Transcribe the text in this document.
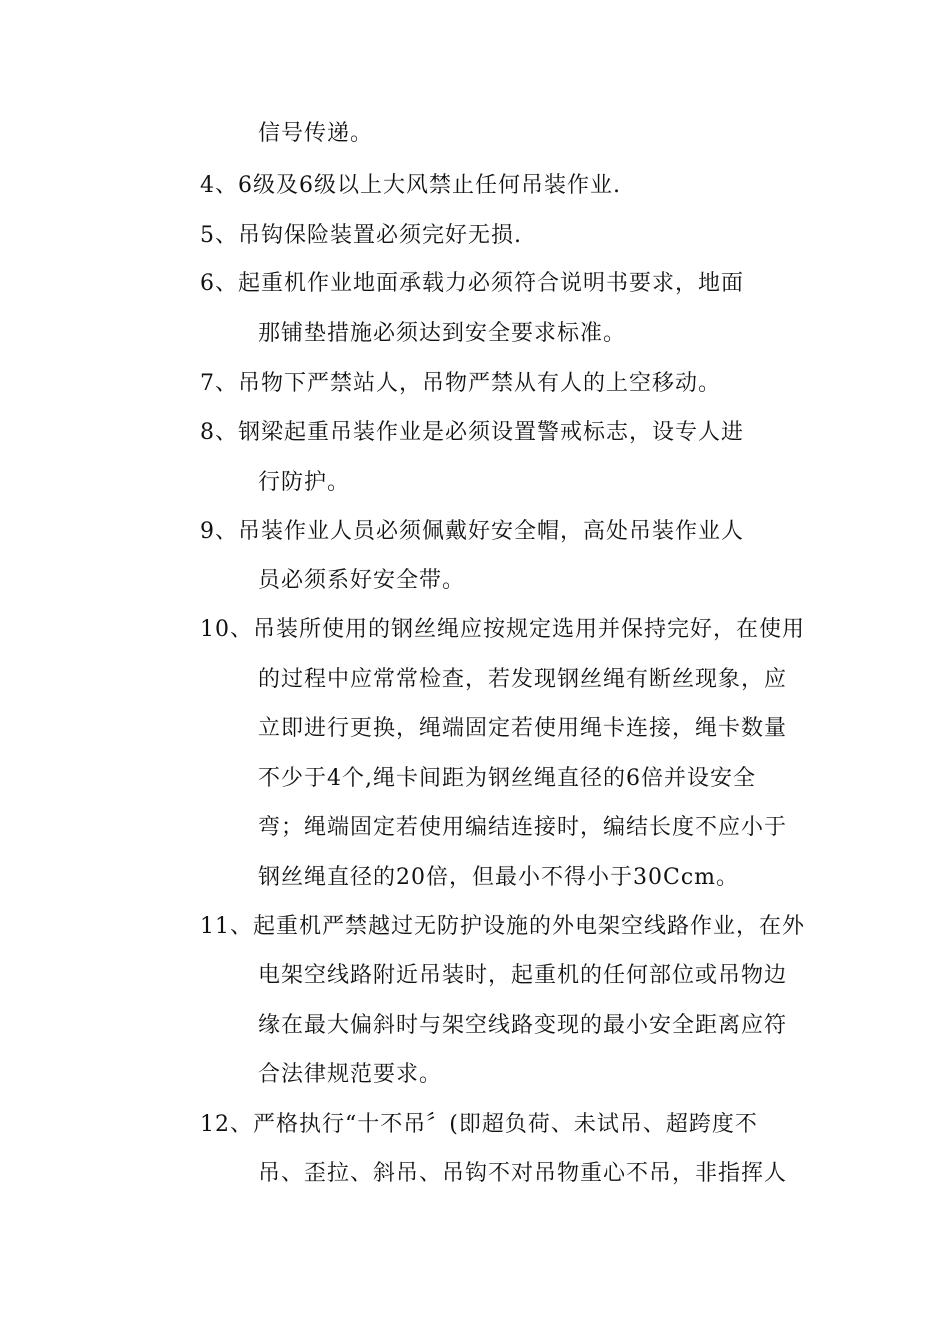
信号传递。
4、6级及6级以上大风禁止任何吊装作业.
5、吊钩保险装置必须完好无损.
6、起重机作业地面承载力必须符合说明书要求，地面
那铺垫措施必须达到安全要求标准。
7、吊物下严禁站人，吊物严禁从有人的上空移动。
8、钢梁起重吊装作业是必须设置警戒标志，设专人进
行防护。
9、吊装作业人员必须佩戴好安全帽，高处吊装作业人
员必须系好安全带。
10、吊装所使用的钢丝绳应按规定选用并保持完好，在使用
的过程中应常常检查，若发现钢丝绳有断丝现象，应
立即进行更换，绳端固定若使用绳卡连接，绳卡数量
不少于4个,绳卡间距为钢丝绳直径的6倍并设安全
弯；绳端固定若使用编结连接时，编结长度不应小于
钢丝绳直径的20倍，但最小不得小于30Ccm。
11、起重机严禁越过无防护设施的外电架空线路作业，在外
电架空线路附近吊装时，起重机的任何部位或吊物边
缘在最大偏斜时与架空线路变现的最小安全距离应符
合法律规范要求。
12、严格执行“十不吊〞(即超负荷、未试吊、超跨度不
吊、歪拉、斜吊、吊钩不对吊物重心不吊，非指挥人
